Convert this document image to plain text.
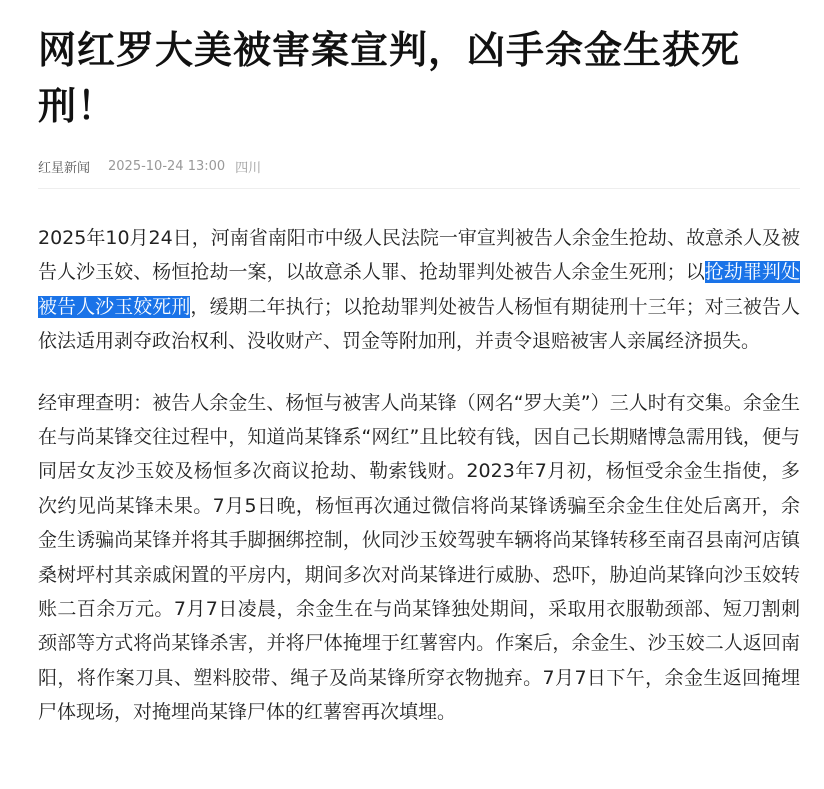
网红罗大美被害案宣判，凶手余金生获死刑！
红星新闻 2025-10-24 13:00 四川

2025年10月24日，河南省南阳市中级人民法院一审宣判被告人余金生抢劫、故意杀人及被告人沙玉姣、杨恒抢劫一案，以故意杀人罪、抢劫罪判处被告人余金生死刑；以抢劫罪判处被告人沙玉姣死刑，缓期二年执行；以抢劫罪判处被告人杨恒有期徒刑十三年；对三被告人依法适用剥夺政治权利、没收财产、罚金等附加刑，并责令退赔被害人亲属经济损失。

经审理查明：被告人余金生、杨恒与被害人尚某锋（网名“罗大美”）三人时有交集。余金生在与尚某锋交往过程中，知道尚某锋系“网红”且比较有钱，因自己长期赌博急需用钱，便与同居女友沙玉姣及杨恒多次商议抢劫、勒索钱财。2023年7月初，杨恒受余金生指使，多次约见尚某锋未果。7月5日晚，杨恒再次通过微信将尚某锋诱骗至余金生住处后离开，余金生诱骗尚某锋并将其手脚捆绑控制，伙同沙玉姣驾驶车辆将尚某锋转移至南召县南河店镇桑树坪村其亲戚闲置的平房内，期间多次对尚某锋进行威胁、恐吓，胁迫尚某锋向沙玉姣转账二百余万元。7月7日凌晨，余金生在与尚某锋独处期间，采取用衣服勒颈部、短刀割刺颈部等方式将尚某锋杀害，并将尸体掩埋于红薯窖内。作案后，余金生、沙玉姣二人返回南阳，将作案刀具、塑料胶带、绳子及尚某锋所穿衣物抛弃。7月7日下午，余金生返回掩埋尸体现场，对掩埋尚某锋尸体的红薯窖再次填埋。
